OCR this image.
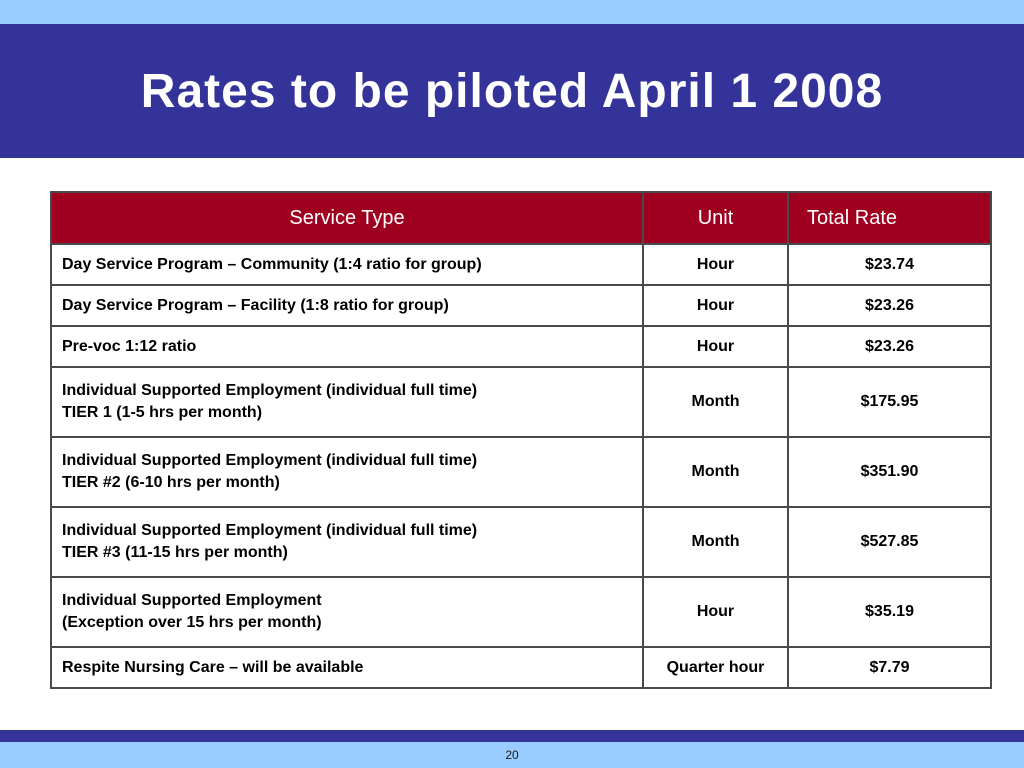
Rates to be piloted April 1 2008
Service Type	Unit	Total Rate

Day Service Program – Community (1:4 ratio for group)	Hour	$23.74

Day Service Program – Facility (1:8 ratio for group)	Hour	$23.26

Pre-voc 1:12 ratio	Hour	$23.26

Individual Supported Employment (individual full time)
TIER 1 (1-5 hrs per month)	Month	$175.95

Individual Supported Employment (individual full time)
TIER #2 (6-10 hrs per month)	Month	$351.90

Individual Supported Employment (individual full time)
TIER #3 (11-15 hrs per month)	Month	$527.85

Individual Supported Employment
(Exception over 15 hrs per month)	Hour	$35.19

Respite Nursing Care – will be available	Quarter hour	$7.79
20
